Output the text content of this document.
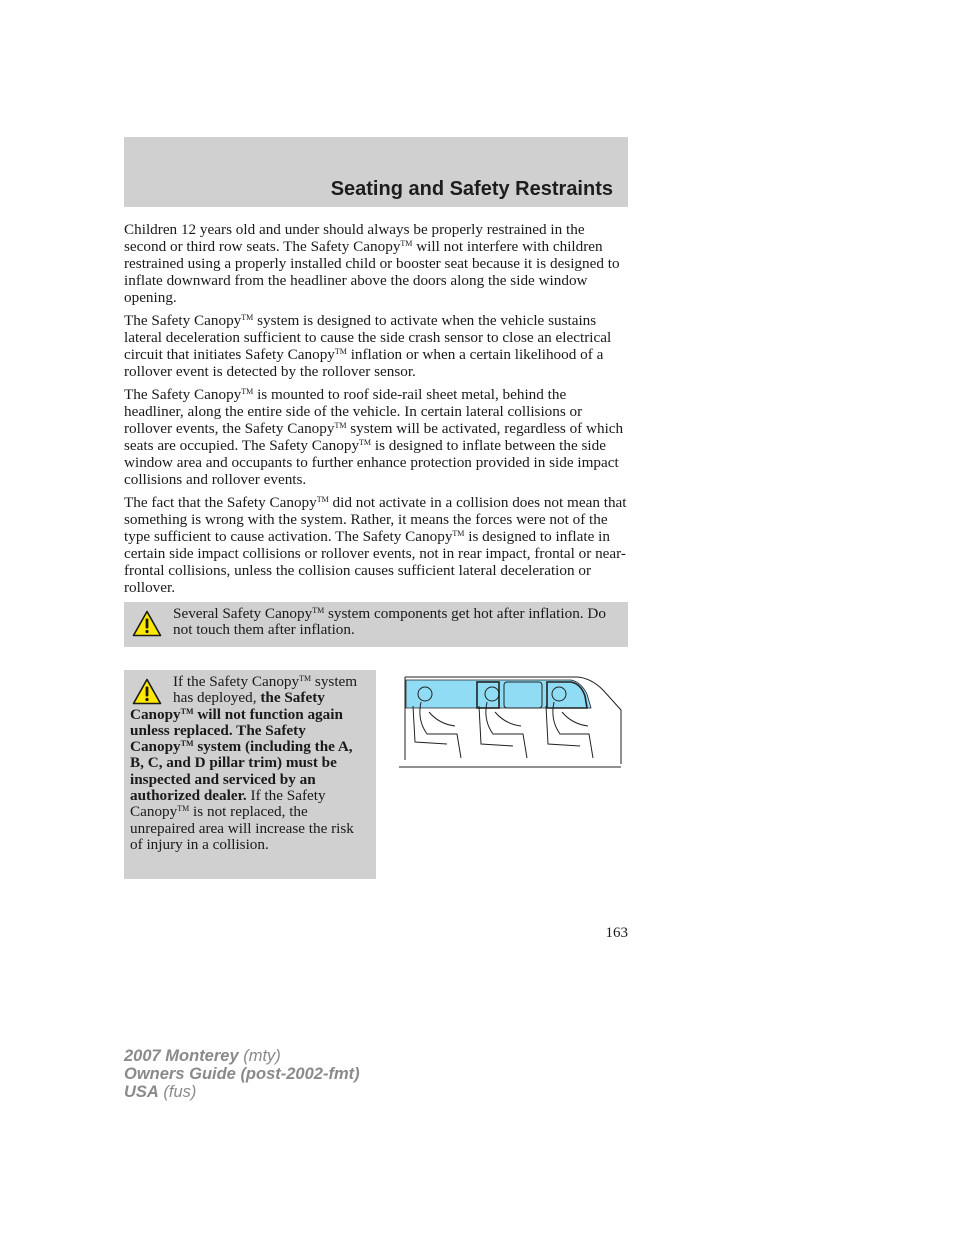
Seating and Safety Restraints

Children 12 years old and under should always be properly restrained in the second or third row seats. The Safety Canopy™ will not interfere with children restrained using a properly installed child or booster seat because it is designed to inflate downward from the headliner above the doors along the side window opening.

The Safety Canopy™ system is designed to activate when the vehicle sustains lateral deceleration sufficient to cause the side crash sensor to close an electrical circuit that initiates Safety Canopy™ inflation or when a certain likelihood of a rollover event is detected by the rollover sensor.

The Safety Canopy™ is mounted to roof side-rail sheet metal, behind the headliner, along the entire side of the vehicle. In certain lateral collisions or rollover events, the Safety Canopy™ system will be activated, regardless of which seats are occupied. The Safety Canopy™ is designed to inflate between the side window area and occupants to further enhance protection provided in side impact collisions and rollover events.

The fact that the Safety Canopy™ did not activate in a collision does not mean that something is wrong with the system. Rather, it means the forces were not of the type sufficient to cause activation. The Safety Canopy™ is designed to inflate in certain side impact collisions or rollover events, not in rear impact, frontal or near-frontal collisions, unless the collision causes sufficient lateral deceleration or rollover.

Several Safety Canopy™ system components get hot after inflation. Do not touch them after inflation.
If the Safety Canopy™ system has deployed, the Safety Canopy™ will not function again unless replaced. The Safety Canopy™ system (including the A, B, C, and D pillar trim) must be inspected and serviced by an authorized dealer. If the Safety Canopy™ is not replaced, the unrepaired area will increase the risk of injury in a collision.
163
2007 Monterey (mty)
Owners Guide (post-2002-fmt)
USA (fus)
